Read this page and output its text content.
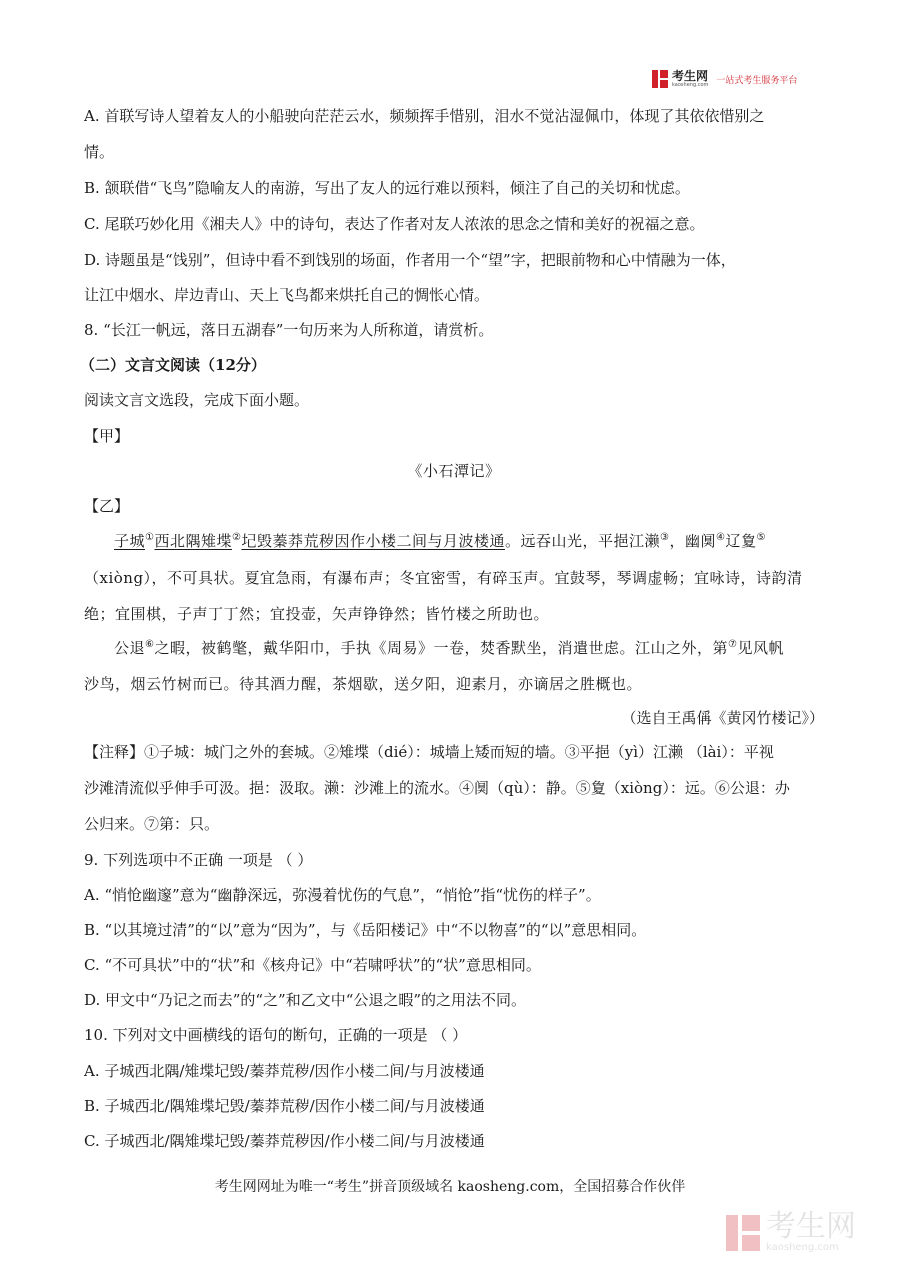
考生网
kaosheng.com 一站式考生服务平台
A. 首联写诗人望着友人的小船驶向茫茫云水，频频挥手惜别，泪水不觉沾湿佩巾，体现了其依依惜别之
情。
B. 颔联借“飞鸟”隐喻友人的南游，写出了友人的远行难以预料，倾注了自己的关切和忧虑。
C. 尾联巧妙化用《湘夫人》中的诗句，表达了作者对友人浓浓的思念之情和美好的祝福之意。
D. 诗题虽是“饯别”，但诗中看不到饯别的场面，作者用一个“望”字，把眼前物和心中情融为一体，
让江中烟水、岸边青山、天上飞鸟都来烘托自己的惆怅心情。
8. “长江一帆远，落日五湖春”一句历来为人所称道，请赏析。
（二）文言文阅读（12分）
阅读文言文选段，完成下面小题。
【甲】
《小石潭记》
【乙】
子城①西北隅雉堞②圮毁蓁莽荒秽因作小楼二间与月波楼通。远吞山光，平挹江濑③，幽阒④辽夐⑤
（xiòng），不可具状。夏宜急雨，有瀑布声；冬宜密雪，有碎玉声。宜鼓琴，琴调虚畅；宜咏诗，诗韵清
绝；宜围棋，子声丁丁然；宜投壶，矢声铮铮然；皆竹楼之所助也。
公退⑥之暇，被鹤氅，戴华阳巾，手执《周易》一卷，焚香默坐，消遣世虑。江山之外，第⑦见风帆
沙鸟，烟云竹树而已。待其酒力醒，茶烟歇，送夕阳，迎素月，亦谪居之胜概也。
（选自王禹偁《黄冈竹楼记》）
【注释】①子城：城门之外的套城。②雉堞（dié）：城墙上矮而短的墙。③平挹（yì）江濑 （lài）：平视
沙滩清流似乎伸手可汲。挹：汲取。濑：沙滩上的流水。④阒（qù）：静。⑤夐（xiòng）：远。⑥公退：办
公归来。⑦第：只。
9. 下列选项中不正确 一项是 （ ）
A. “悄怆幽邃”意为“幽静深远，弥漫着忧伤的气息”，“悄怆”指“忧伤的样子”。
B. “以其境过清”的“以”意为“因为”，与《岳阳楼记》中“不以物喜”的“以”意思相同。
C. “不可具状”中的“状”和《核舟记》中“若啸呼状”的“状”意思相同。
D. 甲文中“乃记之而去”的“之”和乙文中“公退之暇”的之用法不同。
10. 下列对文中画横线的语句的断句，正确的一项是 （ ）
A. 子城西北隅/雉堞圮毁/蓁莽荒秽/因作小楼二间/与月波楼通
B. 子城西北/隅雉堞圮毁/蓁莽荒秽/因作小楼二间/与月波楼通
C. 子城西北/隅雉堞圮毁/蓁莽荒秽因/作小楼二间/与月波楼通
考生网网址为唯一“考生”拼音顶级域名 kaosheng.com，全国招募合作伙伴
考生网
kaosheng.com
